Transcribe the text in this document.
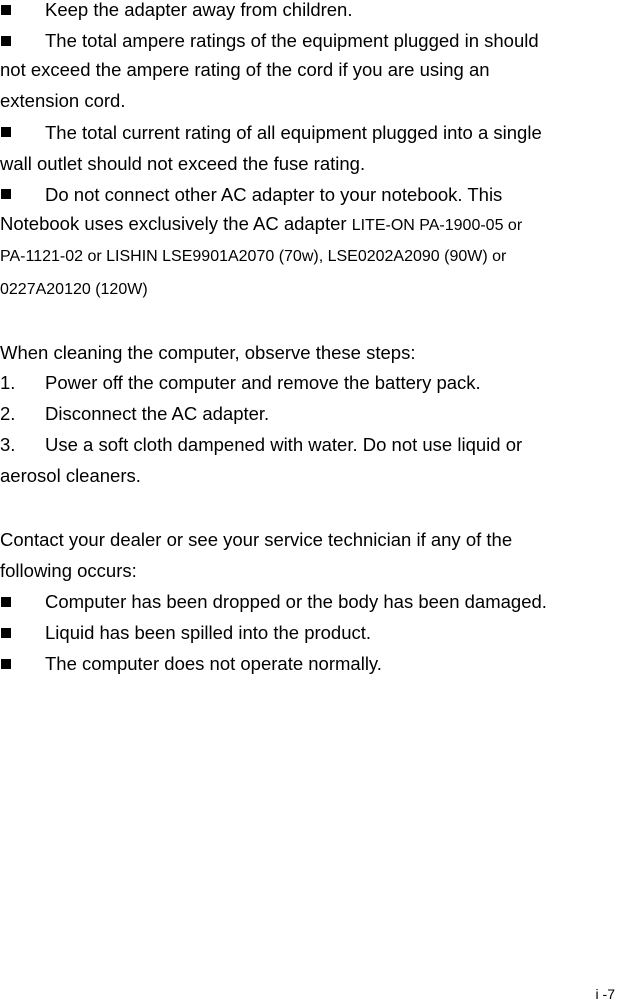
Keep the adapter away from children.
The total ampere ratings of the equipment plugged in should
not exceed the ampere rating of the cord if you are using an
extension cord.
The total current rating of all equipment plugged into a single
wall outlet should not exceed the fuse rating.
Do not connect other AC adapter to your notebook. This
Notebook uses exclusively the AC adapter LITE-ON PA-1900-05 or
PA-1121-02 or LISHIN LSE9901A2070 (70w), LSE0202A2090 (90W) or
0227A20120 (120W)
When cleaning the computer, observe these steps:
1. Power off the computer and remove the battery pack.
2. Disconnect the AC adapter.
3. Use a soft cloth dampened with water. Do not use liquid or
aerosol cleaners.
Contact your dealer or see your service technician if any of the
following occurs:
Computer has been dropped or the body has been damaged.
Liquid has been spilled into the product.
The computer does not operate normally.
i -7
